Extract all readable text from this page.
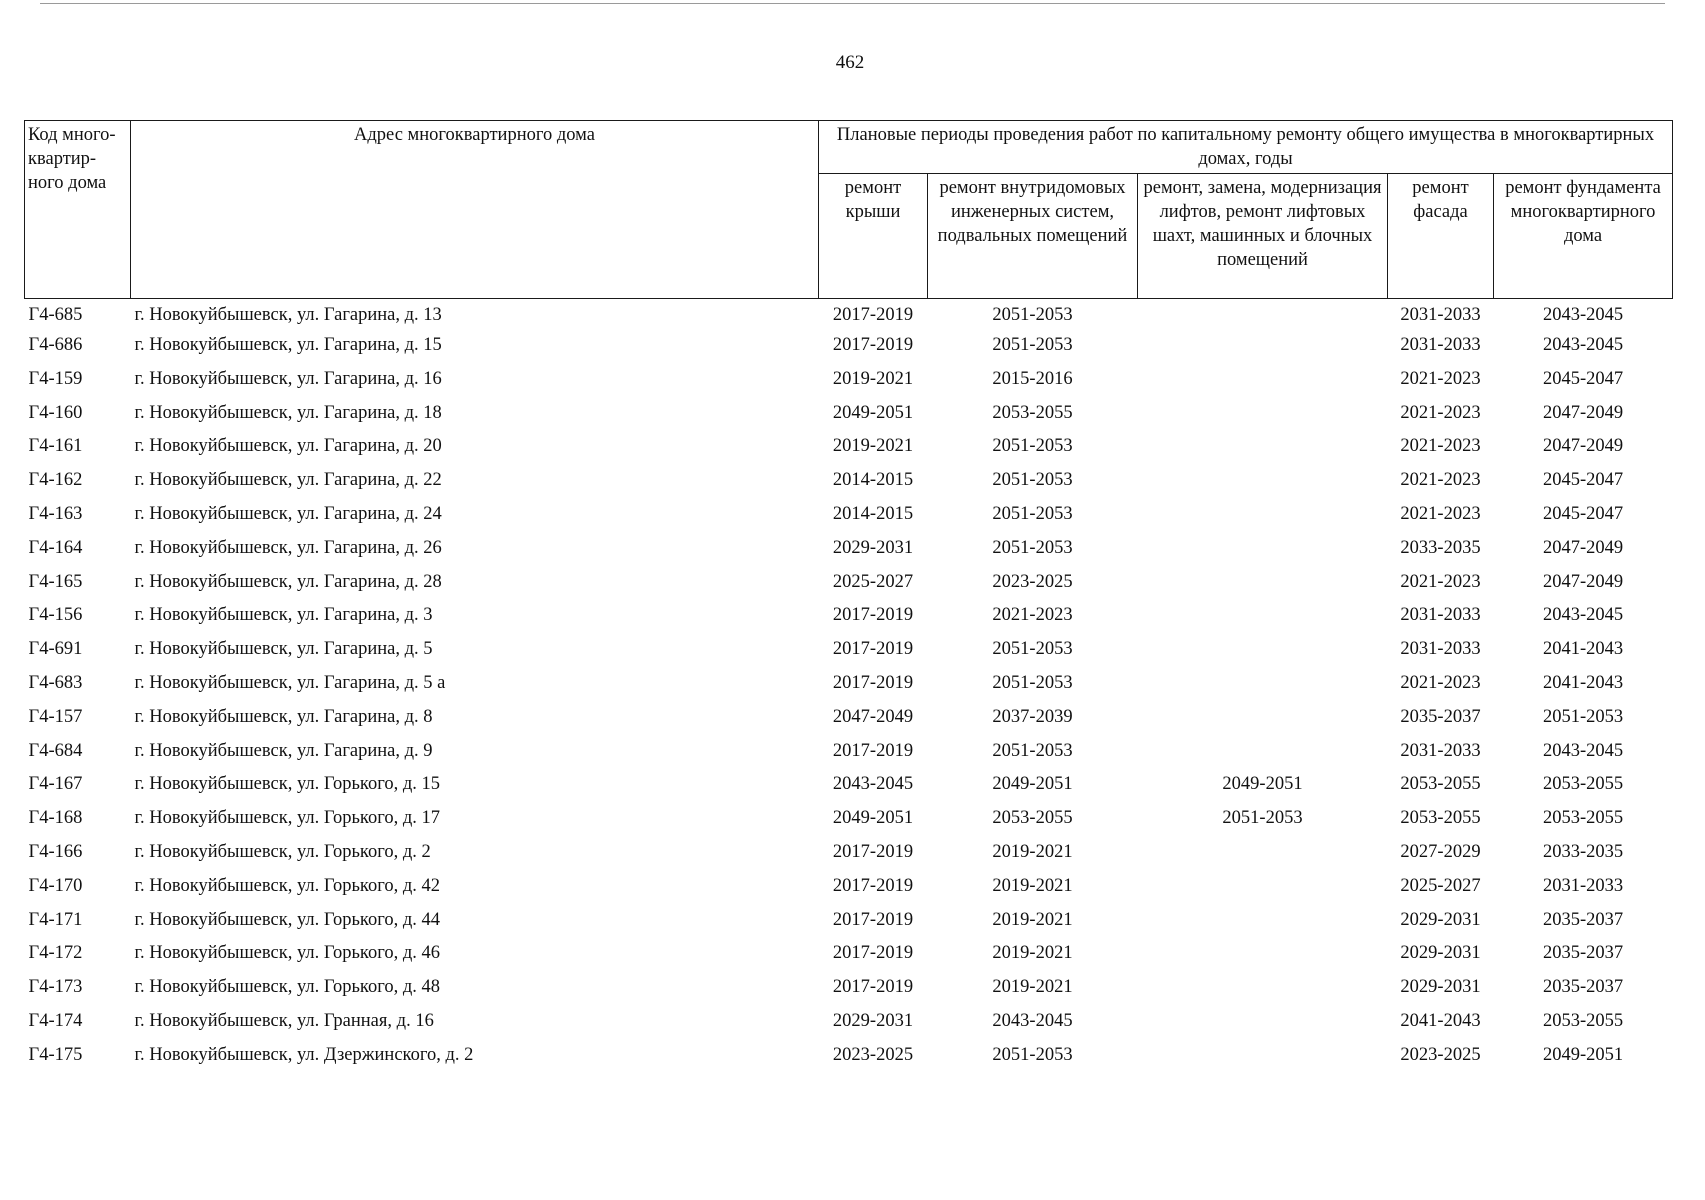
462
Код много-квартир-ного дома	Адрес многоквартирного дома	Плановые периоды проведения работ по капитальному ремонту общего имущества в многоквартирных домах, годы				
		ремонт крыши	ремонт внутридомовых инженерных систем, подвальных помещений	ремонт, замена, модернизация лифтов, ремонт лифтовых шахт, машинных и блочных помещений	ремонт фасада	ремонт фундамента многоквартирного дома
Г4-685	г. Новокуйбышевск, ул. Гагарина, д. 13	2017-2019	2051-2053		2031-2033	2043-2045
Г4-686	г. Новокуйбышевск, ул. Гагарина, д. 15	2017-2019	2051-2053		2031-2033	2043-2045
Г4-159	г. Новокуйбышевск, ул. Гагарина, д. 16	2019-2021	2015-2016		2021-2023	2045-2047
Г4-160	г. Новокуйбышевск, ул. Гагарина, д. 18	2049-2051	2053-2055		2021-2023	2047-2049
Г4-161	г. Новокуйбышевск, ул. Гагарина, д. 20	2019-2021	2051-2053		2021-2023	2047-2049
Г4-162	г. Новокуйбышевск, ул. Гагарина, д. 22	2014-2015	2051-2053		2021-2023	2045-2047
Г4-163	г. Новокуйбышевск, ул. Гагарина, д. 24	2014-2015	2051-2053		2021-2023	2045-2047
Г4-164	г. Новокуйбышевск, ул. Гагарина, д. 26	2029-2031	2051-2053		2033-2035	2047-2049
Г4-165	г. Новокуйбышевск, ул. Гагарина, д. 28	2025-2027	2023-2025		2021-2023	2047-2049
Г4-156	г. Новокуйбышевск, ул. Гагарина, д. 3	2017-2019	2021-2023		2031-2033	2043-2045
Г4-691	г. Новокуйбышевск, ул. Гагарина, д. 5	2017-2019	2051-2053		2031-2033	2041-2043
Г4-683	г. Новокуйбышевск, ул. Гагарина, д. 5 а	2017-2019	2051-2053		2021-2023	2041-2043
Г4-157	г. Новокуйбышевск, ул. Гагарина, д. 8	2047-2049	2037-2039		2035-2037	2051-2053
Г4-684	г. Новокуйбышевск, ул. Гагарина, д. 9	2017-2019	2051-2053		2031-2033	2043-2045
Г4-167	г. Новокуйбышевск, ул. Горького, д. 15	2043-2045	2049-2051	2049-2051	2053-2055	2053-2055
Г4-168	г. Новокуйбышевск, ул. Горького, д. 17	2049-2051	2053-2055	2051-2053	2053-2055	2053-2055
Г4-166	г. Новокуйбышевск, ул. Горького, д. 2	2017-2019	2019-2021		2027-2029	2033-2035
Г4-170	г. Новокуйбышевск, ул. Горького, д. 42	2017-2019	2019-2021		2025-2027	2031-2033
Г4-171	г. Новокуйбышевск, ул. Горького, д. 44	2017-2019	2019-2021		2029-2031	2035-2037
Г4-172	г. Новокуйбышевск, ул. Горького, д. 46	2017-2019	2019-2021		2029-2031	2035-2037
Г4-173	г. Новокуйбышевск, ул. Горького, д. 48	2017-2019	2019-2021		2029-2031	2035-2037
Г4-174	г. Новокуйбышевск, ул. Гранная, д. 16	2029-2031	2043-2045		2041-2043	2053-2055
Г4-175	г. Новокуйбышевск, ул. Дзержинского, д. 2	2023-2025	2051-2053		2023-2025	2049-2051
